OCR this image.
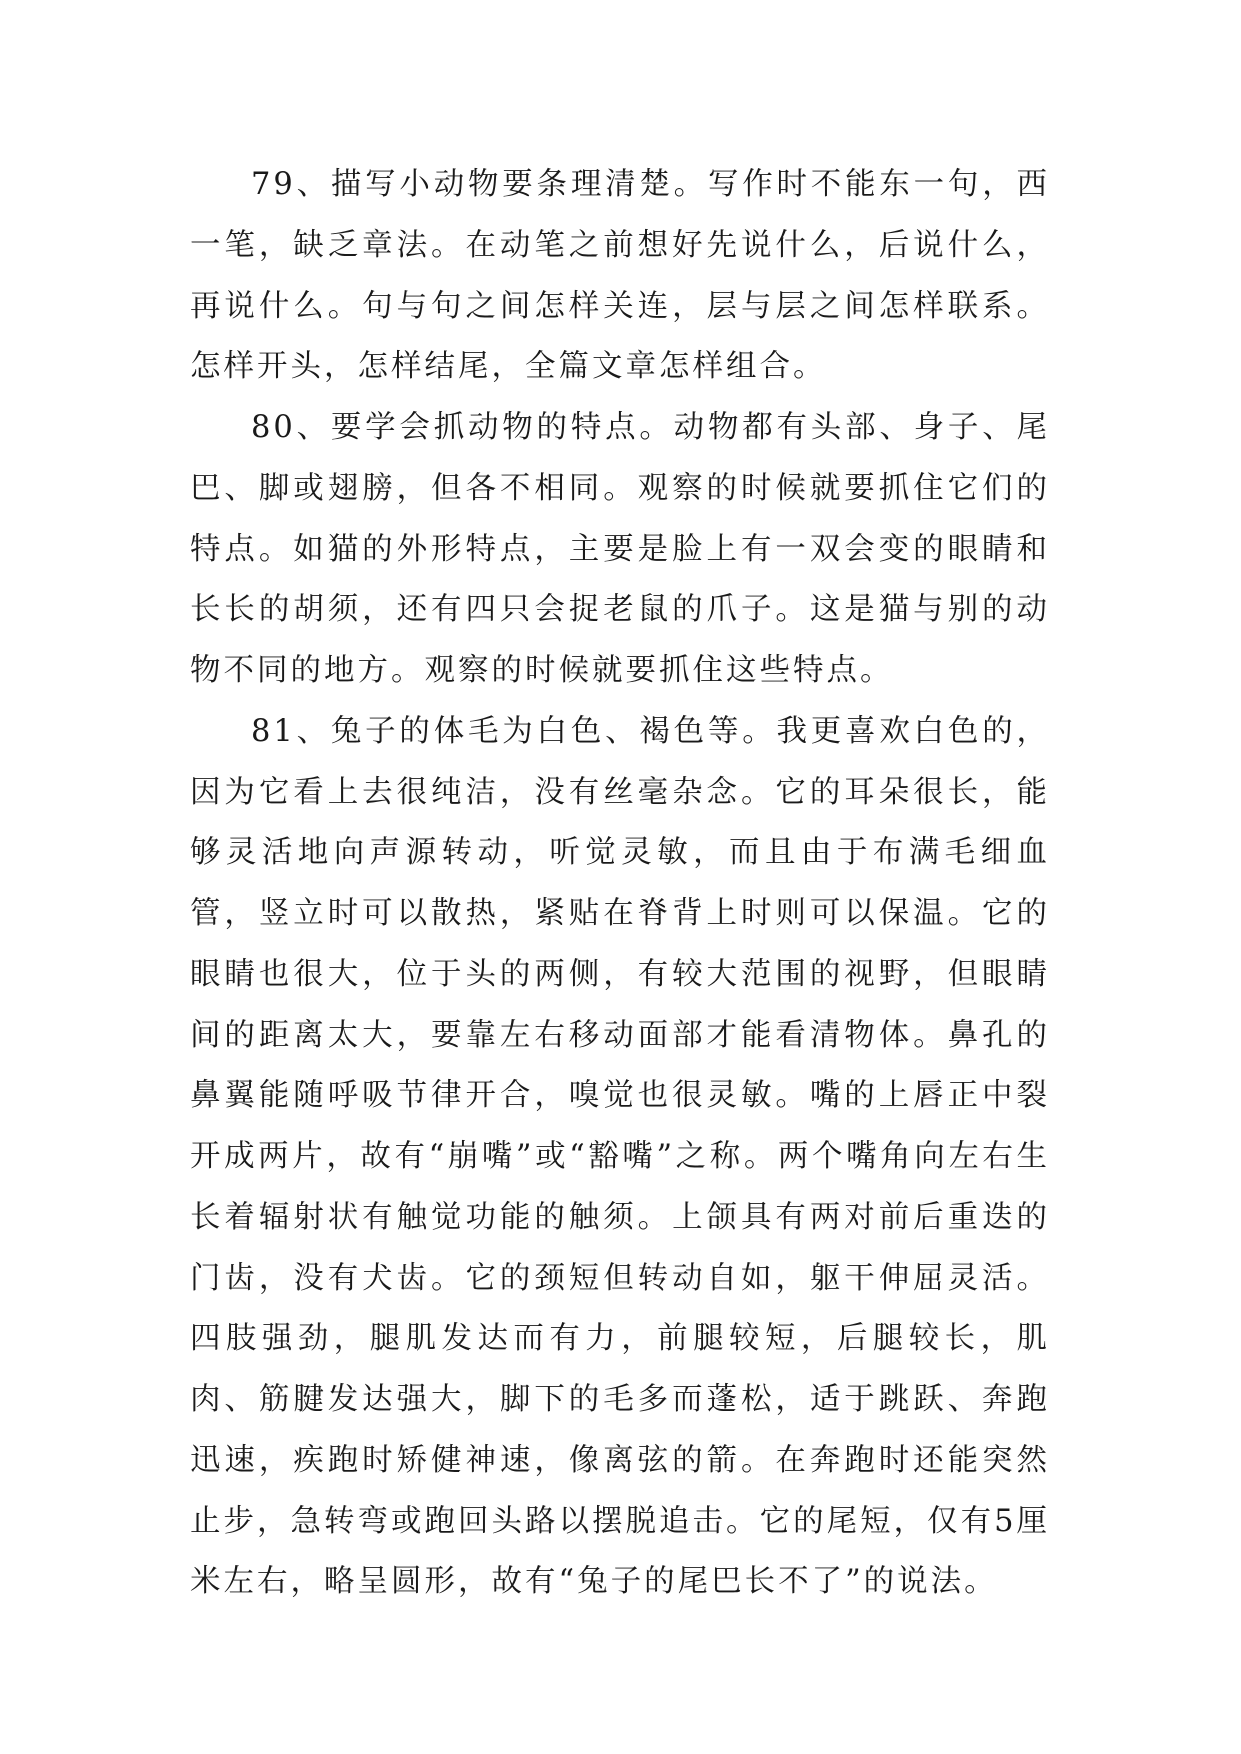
79、描写小动物要条理清楚。写作时不能东一句，西一笔，缺乏章法。在动笔之前想好先说什么，后说什么，再说什么。句与句之间怎样关连，层与层之间怎样联系。怎样开头，怎样结尾，全篇文章怎样组合。

80、要学会抓动物的特点。动物都有头部、身子、尾巴、脚或翅膀，但各不相同。观察的时候就要抓住它们的特点。如猫的外形特点，主要是脸上有一双会变的眼睛和长长的胡须，还有四只会捉老鼠的爪子。这是猫与别的动物不同的地方。观察的时候就要抓住这些特点。

81、兔子的体毛为白色、褐色等。我更喜欢白色的，因为它看上去很纯洁，没有丝毫杂念。它的耳朵很长，能够灵活地向声源转动，听觉灵敏，而且由于布满毛细血管，竖立时可以散热，紧贴在脊背上时则可以保温。它的眼睛也很大，位于头的两侧，有较大范围的视野，但眼睛间的距离太大，要靠左右移动面部才能看清物体。鼻孔的鼻翼能随呼吸节律开合，嗅觉也很灵敏。嘴的上唇正中裂开成两片，故有“崩嘴”或“豁嘴”之称。两个嘴角向左右生长着辐射状有触觉功能的触须。上颌具有两对前后重迭的门齿，没有犬齿。它的颈短但转动自如，躯干伸屈灵活。四肢强劲，腿肌发达而有力，前腿较短，后腿较长，肌肉、筋腱发达强大，脚下的毛多而蓬松，适于跳跃、奔跑迅速，疾跑时矫健神速，像离弦的箭。在奔跑时还能突然止步，急转弯或跑回头路以摆脱追击。它的尾短，仅有5厘米左右，略呈圆形，故有“兔子的尾巴长不了”的说法。
